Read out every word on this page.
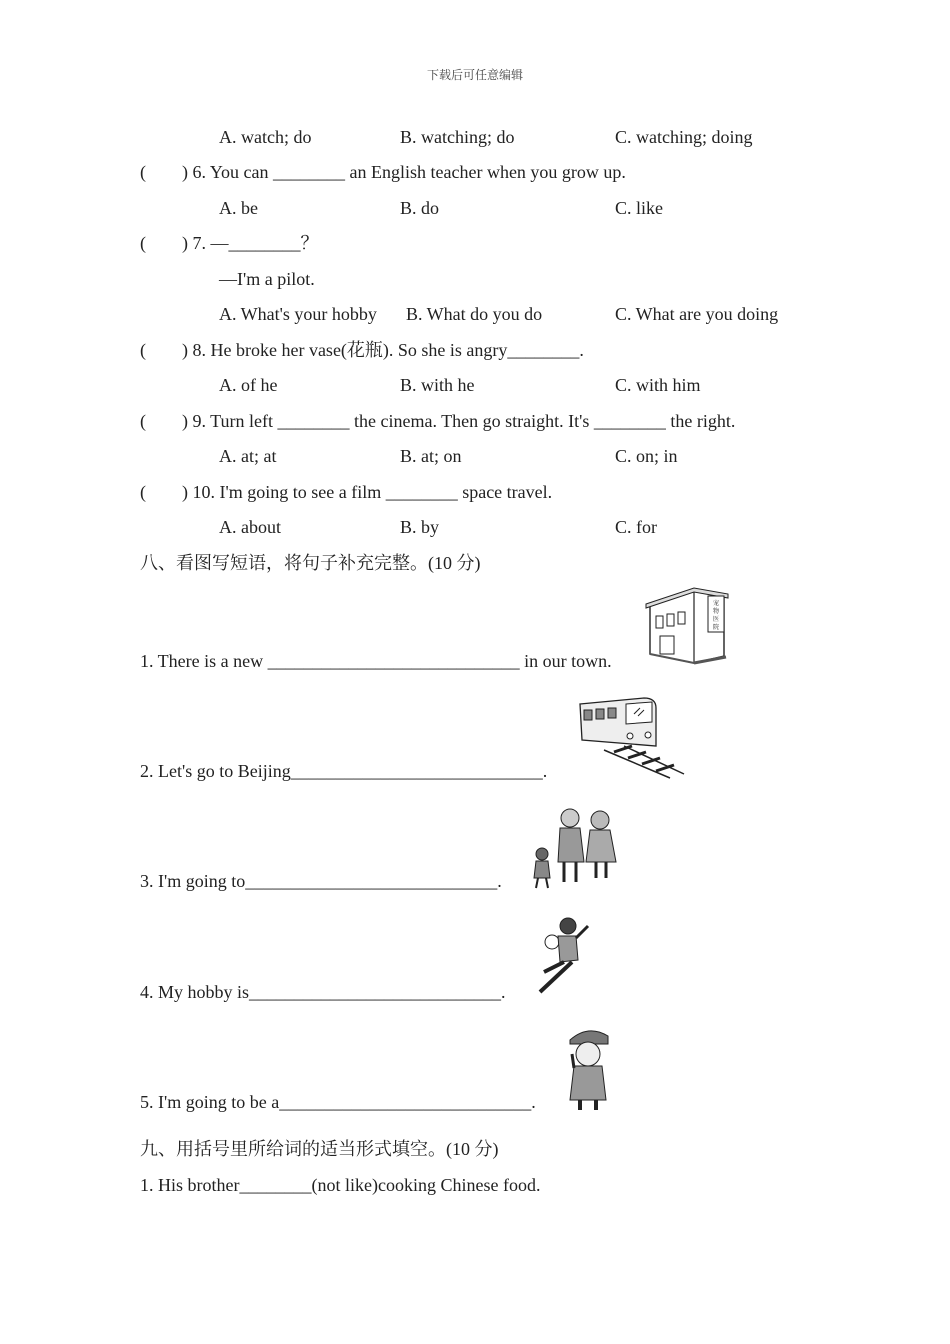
下载后可任意编辑
A. watch; do	B. watching; do	C. watching; doing
(        ) 6. You can ________ an English teacher when you grow up.
A. be	B. do	C. like
(        ) 7. —________？
—I'm a pilot.
A. What's your hobby B. What do you do	C. What are you doing
(        ) 8. He broke her vase(花瓶). So she is angry________.
A. of he	B. with he	C. with him
(        ) 9. Turn left ________ the cinema. Then go straight. It's ________ the right.
A. at; at	B. at; on	C. on; in
(        ) 10. I'm going to see a film ________ space travel.
A. about	B. by	C. for
八、看图写短语，将句子补充完整。(10 分)
1. There is a new ____________________________ in our town.
宠物医院
2. Let's go to Beijing____________________________.
3. I'm going to____________________________.
4. My hobby is____________________________.
5. I'm going to be a____________________________.
九、用括号里所给词的适当形式填空。(10 分)
1. His brother________(not like)cooking Chinese food.
